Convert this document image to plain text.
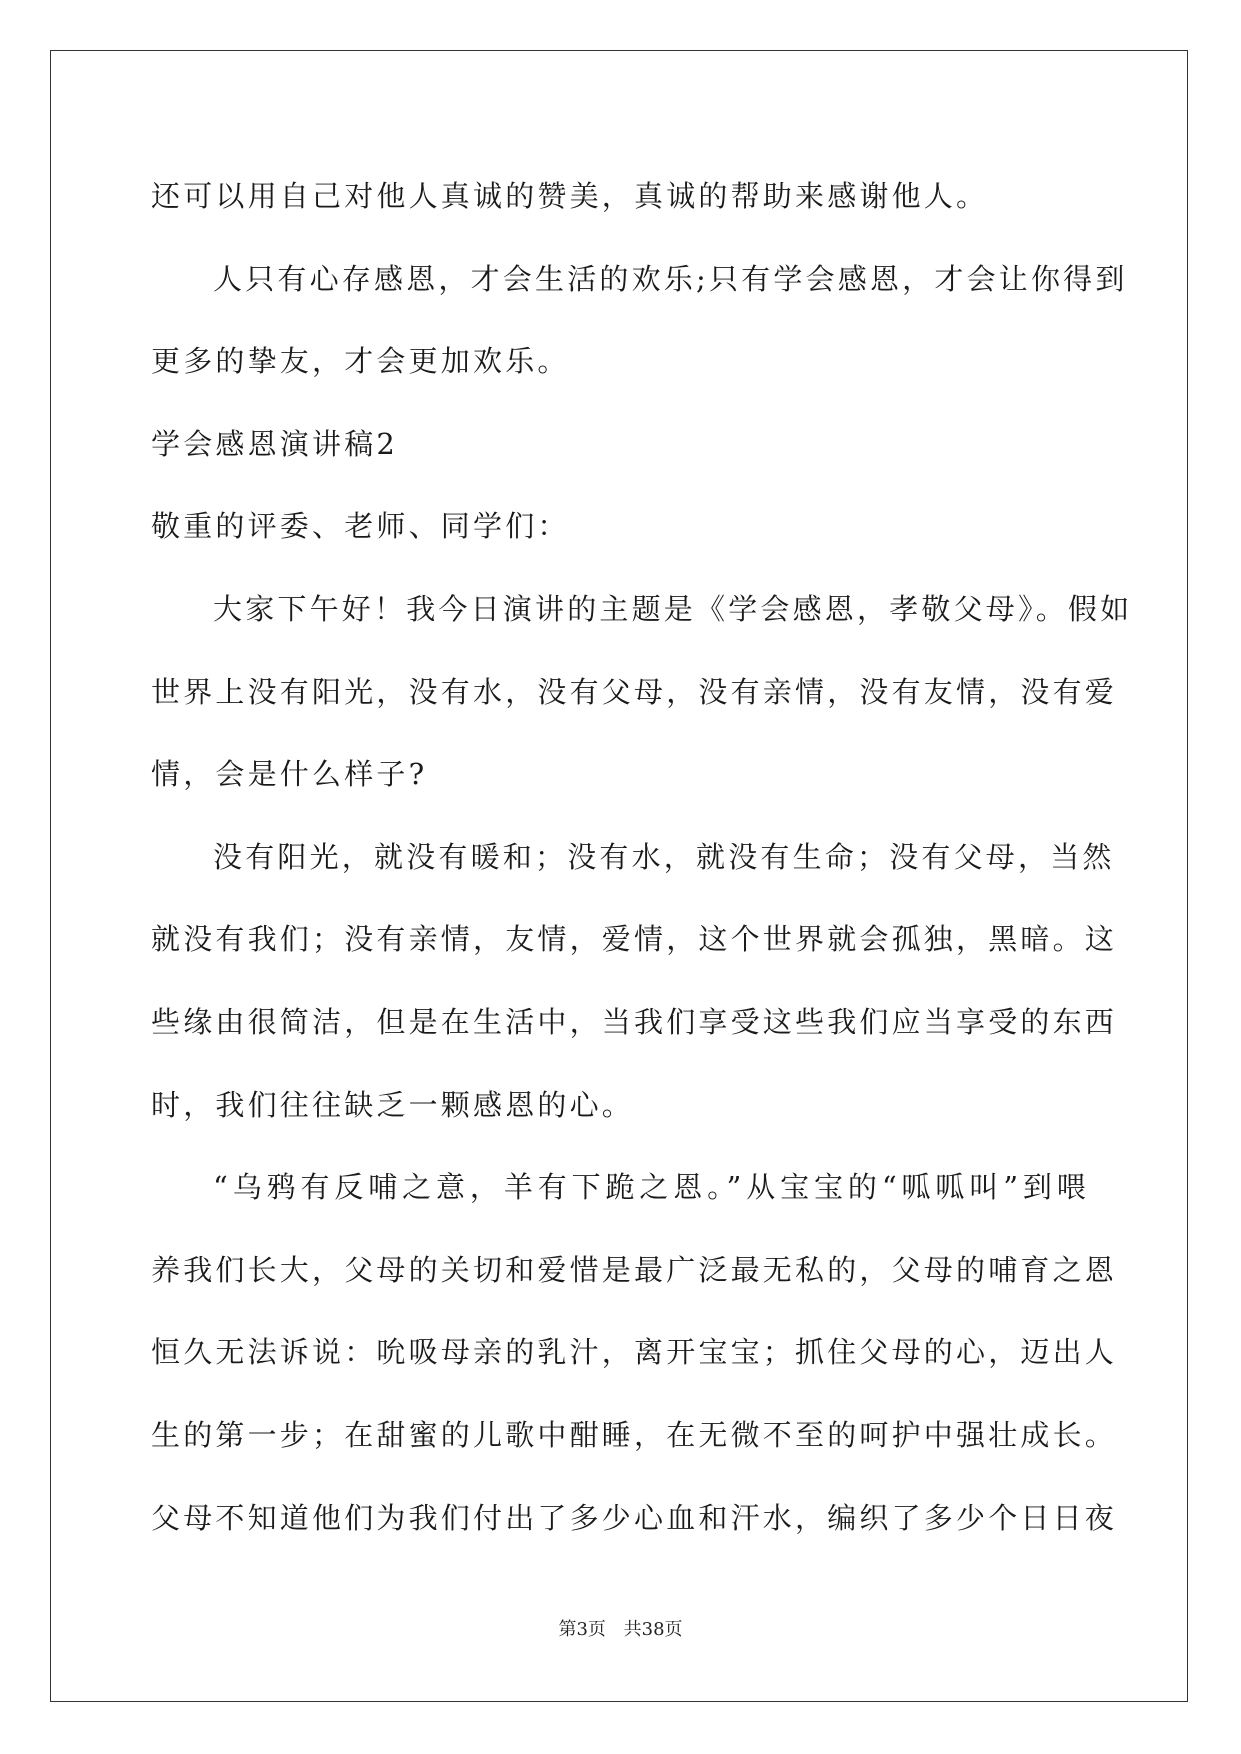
还可以用自己对他人真诚的赞美，真诚的帮助来感谢他人。
人只有心存感恩，才会生活的欢乐;只有学会感恩，才会让你得到
更多的挚友，才会更加欢乐。
学会感恩演讲稿2
敬重的评委、老师、同学们：
大家下午好！我今日演讲的主题是《学会感恩，孝敬父母》。假如
世界上没有阳光，没有水，没有父母，没有亲情，没有友情，没有爱
情，会是什么样子?
没有阳光，就没有暖和；没有水，就没有生命；没有父母，当然
就没有我们；没有亲情，友情，爱情，这个世界就会孤独，黑暗。这
些缘由很简洁，但是在生活中，当我们享受这些我们应当享受的东西
时，我们往往缺乏一颗感恩的心。
“乌鸦有反哺之意，羊有下跪之恩。”从宝宝的“呱呱叫”到喂
养我们长大，父母的关切和爱惜是最广泛最无私的，父母的哺育之恩
恒久无法诉说：吮吸母亲的乳汁，离开宝宝；抓住父母的心，迈出人
生的第一步；在甜蜜的儿歌中酣睡，在无微不至的呵护中强壮成长。
父母不知道他们为我们付出了多少心血和汗水，编织了多少个日日夜
第3页 共38页
